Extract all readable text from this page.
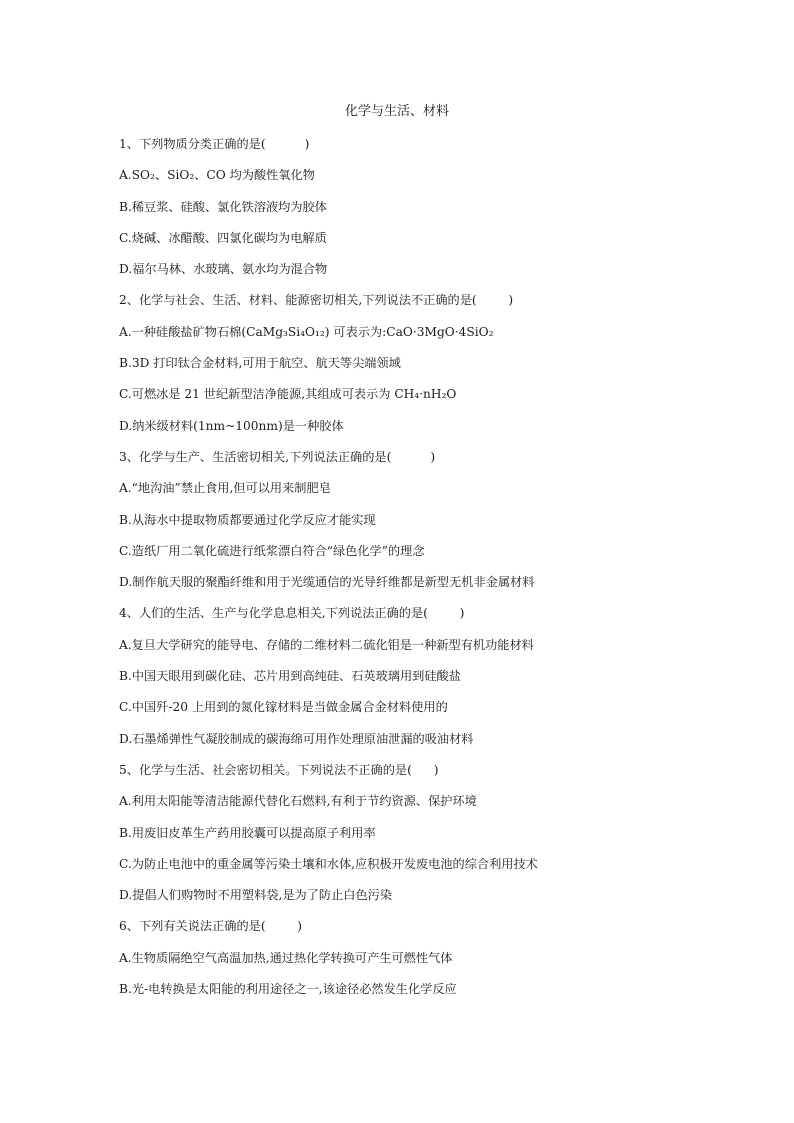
化学与生活、材料
1、下列物质分类正确的是(	)
A.SO₂、SiO₂、CO 均为酸性氧化物
B.稀豆浆、硅酸、氯化铁溶液均为胶体
C.烧碱、冰醋酸、四氯化碳均为电解质
D.福尔马林、水玻璃、氨水均为混合物
2、化学与社会、生活、材料、能源密切相关,下列说法不正确的是(	)
A.一种硅酸盐矿物石棉(CaMg₃Si₄O₁₂) 可表示为:CaO·3MgO·4SiO₂
B.3D 打印钛合金材料,可用于航空、航天等尖端领域
C.可燃冰是 21 世纪新型洁净能源,其组成可表示为 CH₄·nH₂O
D.纳米级材料(1nm~100nm)是一种胶体
3、化学与生产、生活密切相关,下列说法正确的是(	)
A.“地沟油”禁止食用,但可以用来制肥皂
B.从海水中提取物质都要通过化学反应才能实现
C.造纸厂用二氧化硫进行纸浆漂白符合“绿色化学”的理念
D.制作航天服的聚酯纤维和用于光缆通信的光导纤维都是新型无机非金属材料
4、人们的生活、生产与化学息息相关,下列说法正确的是(	)
A.复旦大学研究的能导电、存储的二维材料二硫化钼是一种新型有机功能材料
B.中国天眼用到碳化硅、芯片用到高纯硅、石英玻璃用到硅酸盐
C.中国歼-20 上用到的氮化镓材料是当做金属合金材料使用的
D.石墨烯弹性气凝胶制成的碳海绵可用作处理原油泄漏的吸油材料
5、化学与生活、社会密切相关。下列说法不正确的是( )
A.利用太阳能等清洁能源代替化石燃料,有利于节约资源、保护环境
B.用废旧皮革生产药用胶囊可以提高原子利用率
C.为防止电池中的重金属等污染土壤和水体,应积极开发废电池的综合利用技术
D.提倡人们购物时不用塑料袋,是为了防止白色污染
6、下列有关说法正确的是(	)
A.生物质隔绝空气高温加热,通过热化学转换可产生可燃性气体
B.光-电转换是太阳能的利用途径之一,该途径必然发生化学反应
